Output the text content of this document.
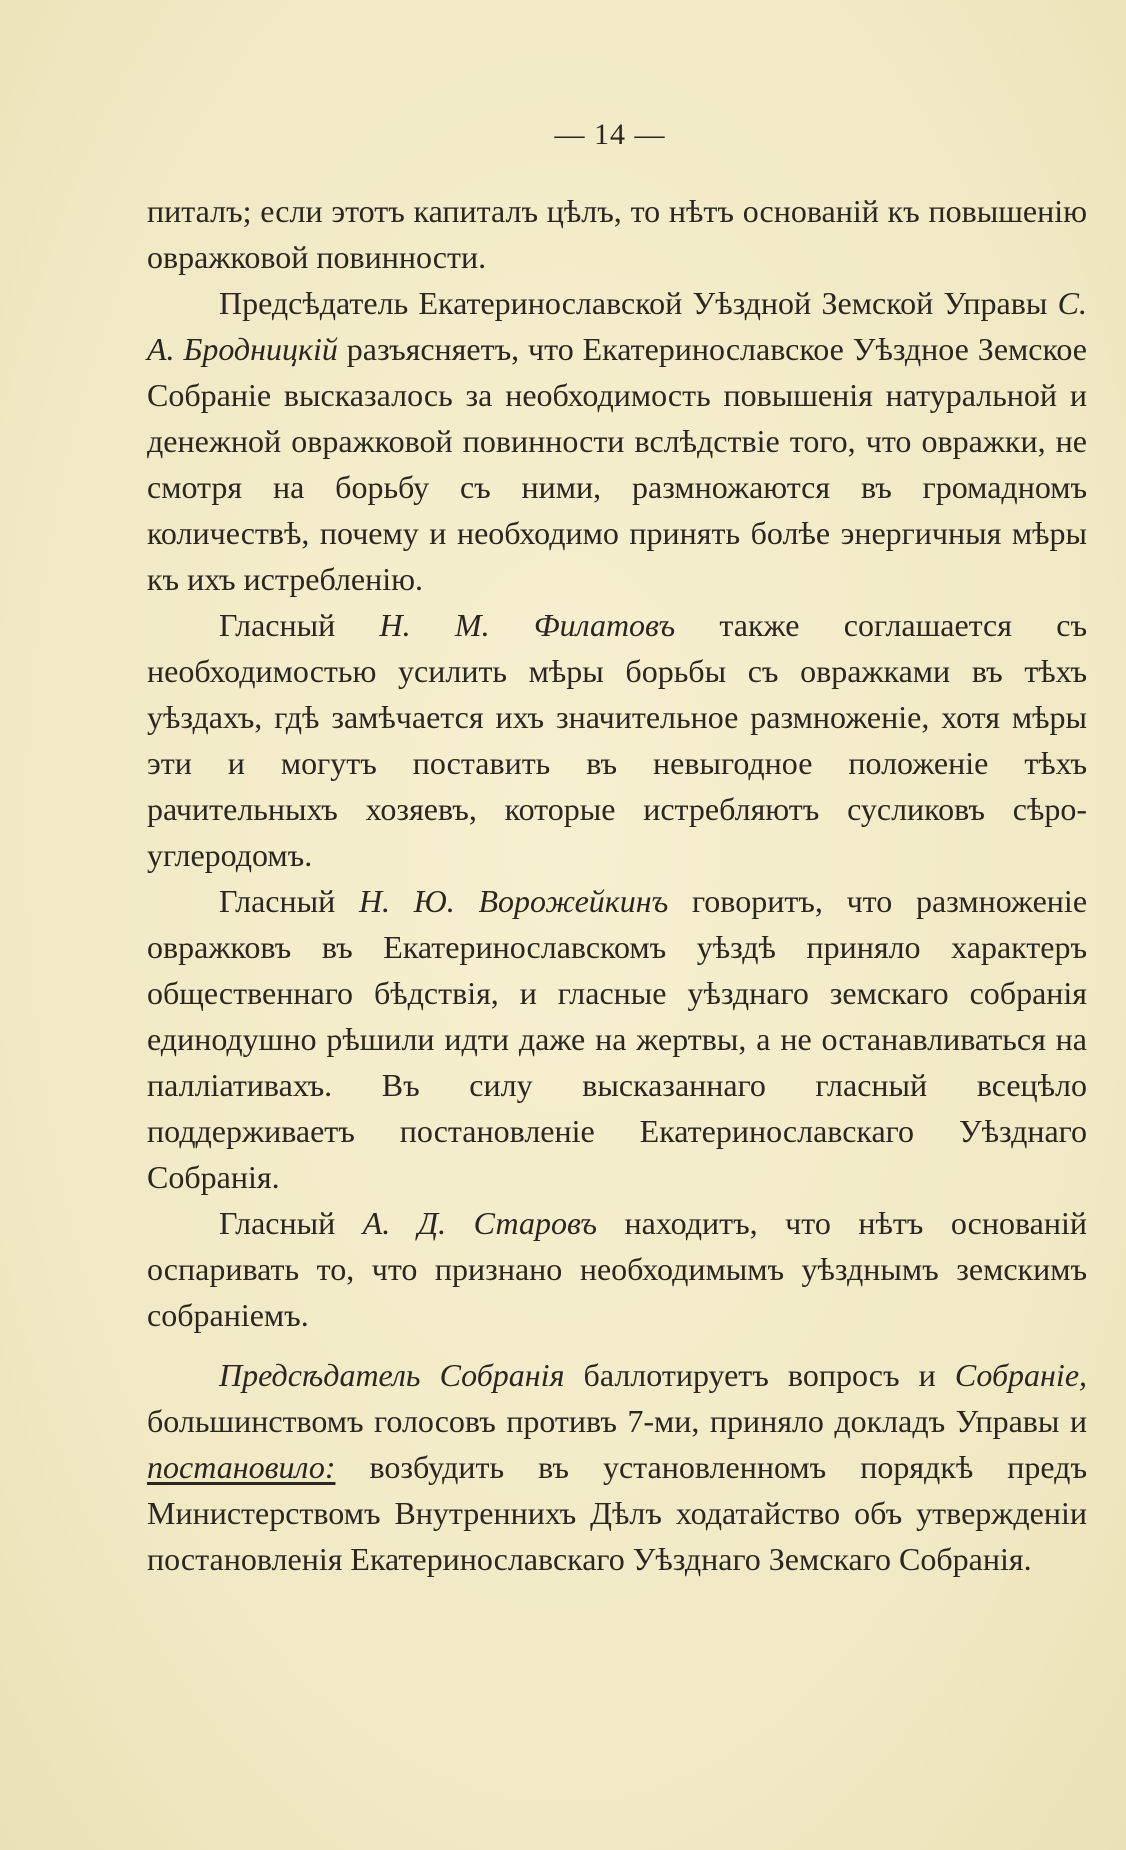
— 14 —

питалъ; если этотъ капиталъ цѣлъ, то нѣтъ основаній къ повышенію овражковой повинности.

Предсѣдатель Екатеринославской Уѣздной Земской Управы С. А. Бродницкій разъясняетъ, что Екатеринославское Уѣздное Земское Собраніе высказалось за необходимость повышенія натуральной и денежной овражковой повинности вслѣдствіе того, что овражки, не смотря на борьбу съ ними, размножаются въ громадномъ количествѣ, почему и необходимо принять болѣе энергичныя мѣры къ ихъ истребленію.

Гласный Н. М. Филатовъ также соглашается съ необходимостью усилить мѣры борьбы съ овражками въ тѣхъ уѣздахъ, гдѣ замѣчается ихъ значительное размноженіе, хотя мѣры эти и могутъ поставить въ невыгодное положеніе тѣхъ рачительныхъ хозяевъ, которые истребляютъ сусликовъ сѣро-углеродомъ.

Гласный Н. Ю. Ворожейкинъ говоритъ, что размноженіе овражковъ въ Екатеринославскомъ уѣздѣ приняло характеръ общественнаго бѣдствія, и гласные уѣзднаго земскаго собранія единодушно рѣшили идти даже на жертвы, а не останавливаться на палліативахъ. Въ силу высказаннаго гласный всецѣло поддерживаетъ постановленіе Екатеринославскаго Уѣзднаго Собранія.

Гласный А. Д. Старовъ находитъ, что нѣтъ основаній оспаривать то, что признано необходимымъ уѣзднымъ земскимъ собраніемъ.

Предсѣдатель Собранія баллотируетъ вопросъ и Собраніе, большинствомъ голосовъ противъ 7-ми, приняло докладъ Управы и постановило: возбудить въ установленномъ порядкѣ предъ Министерствомъ Внутреннихъ Дѣлъ ходатайство объ утвержденіи постановленія Екатеринославскаго Уѣзднаго Земскаго Собранія.
